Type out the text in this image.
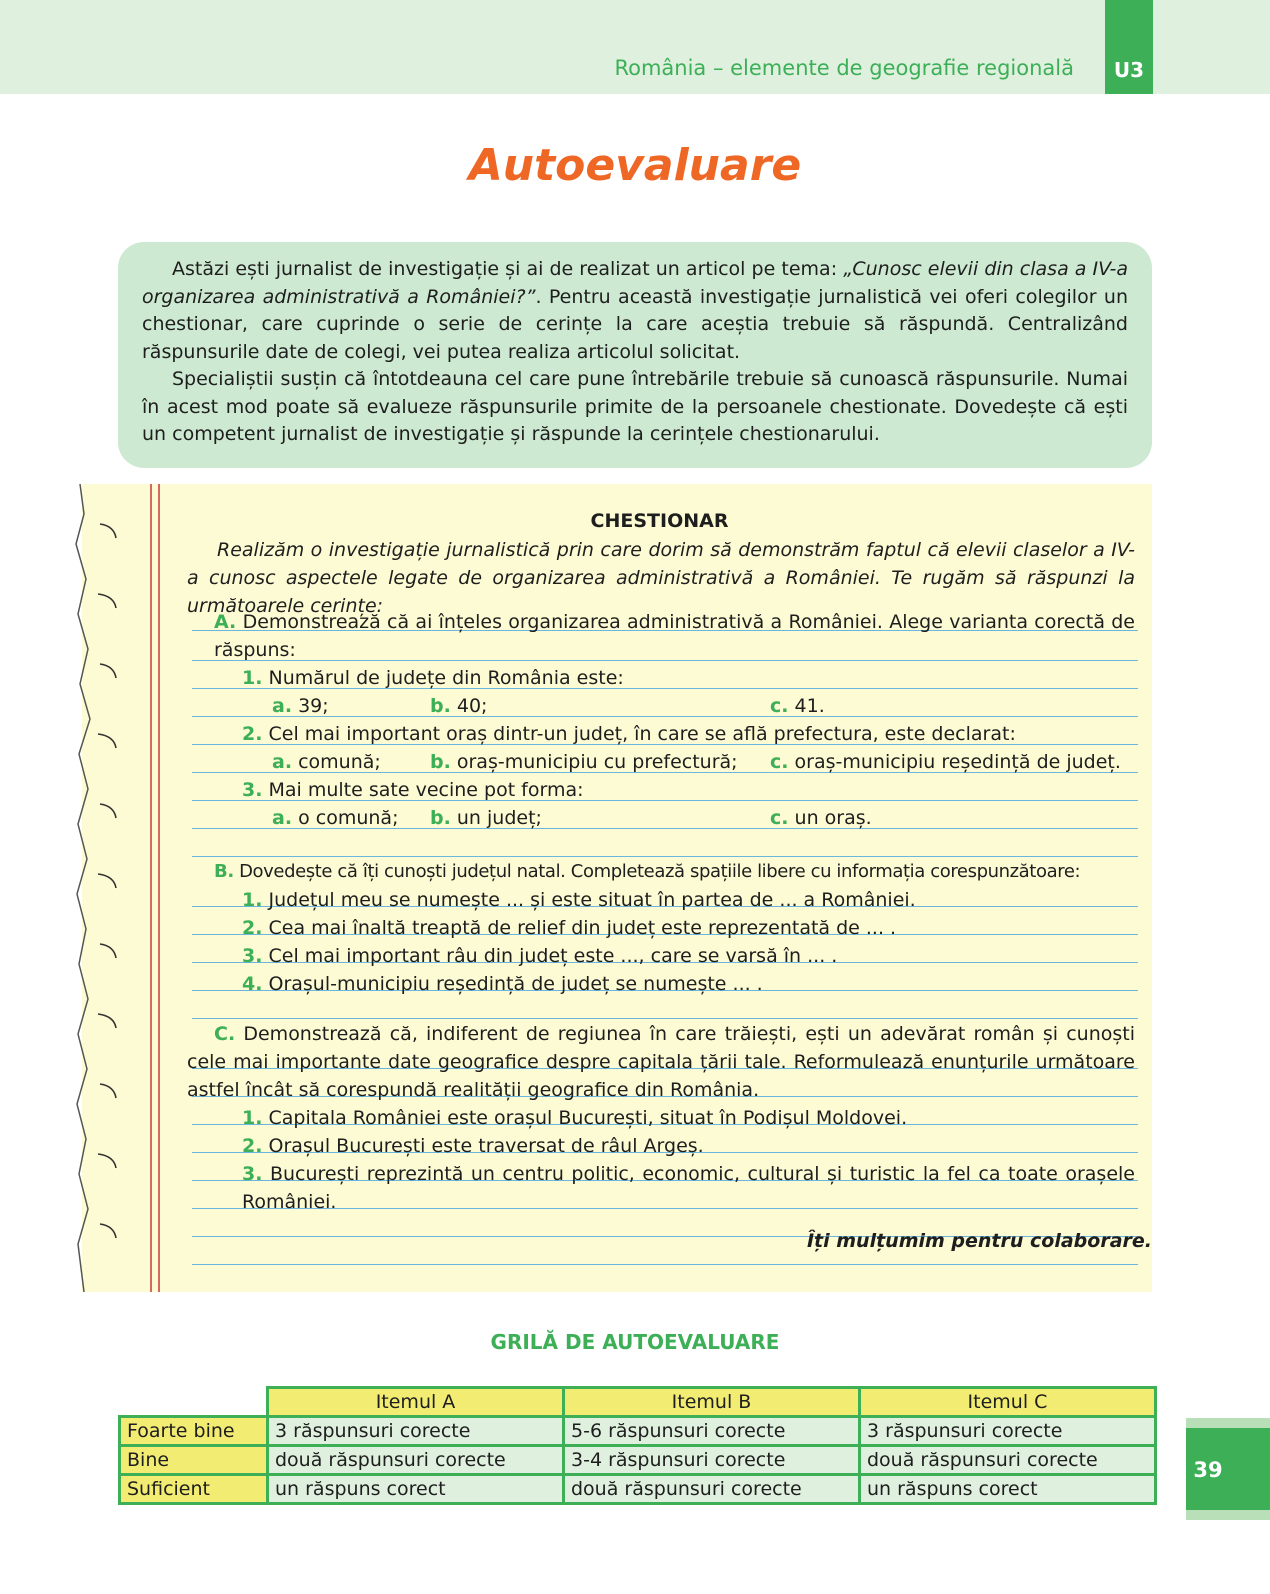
România – elemente de geografie regională	U3
Autoevaluare

Astăzi ești jurnalist de investigație și ai de realizat un articol pe tema: „Cunosc elevii din clasa a IV-a organizarea administrativă a României?”. Pentru această investigație jurnalistică vei oferi colegilor un chestionar, care cuprinde o serie de cerințe la care aceștia trebuie să răspundă. Centralizând răspunsurile date de colegi, vei putea realiza articolul solicitat.

Specialiștii susțin că întotdeauna cel care pune întrebările trebuie să cunoască răspunsurile. Numai în acest mod poate să evalueze răspunsurile primite de la persoanele chestionate. Dovedește că ești un competent jurnalist de investigație și răspunde la cerințele chestionarului.

CHESTIONAR
Realizăm o investigație jurnalistică prin care dorim să demonstrăm faptul că elevii claselor a IV-a cunosc aspectele legate de organizarea administrativă a României. Te rugăm să răspunzi la următoarele cerințe:
A. Demonstrează că ai înțeles organizarea administrativă a României. Alege varianta corectă de răspuns:
1. Numărul de județe din România este:
a. 39;	b. 40;	c. 41.
2. Cel mai important oraș dintr-un județ, în care se află prefectura, este declarat:
a. comună;	b. oraș-municipiu cu prefectură; c. oraș-municipiu reședință de județ.
3. Mai multe sate vecine pot forma:
a. o comună; b. un județ;	c. un oraș.
B. Dovedește că îți cunoști județul natal. Completează spațiile libere cu informația corespunzătoare:
1. Județul meu se numește ... și este situat în partea de ... a României.
2. Cea mai înaltă treaptă de relief din județ este reprezentată de ... .
3. Cel mai important râu din județ este ..., care se varsă în ... .
4. Orașul-municipiu reședință de județ se numește ... .
C. Demonstrează că, indiferent de regiunea în care trăiești, ești un adevărat român și cunoști cele mai importante date geografice despre capitala țării tale. Reformulează enunțurile următoare astfel încât să corespundă realității geografice din România.
1. Capitala României este orașul București, situat în Podișul Moldovei.
2. Orașul București este traversat de râul Argeș.
3. București reprezintă un centru politic, economic, cultural și turistic la fel ca toate orașele României.
Îți mulțumim pentru colaborare.
GRILĂ DE AUTOEVALUARE
	Itemul A	Itemul B	Itemul C
Foarte bine	3 răspunsuri corecte	5-6 răspunsuri corecte	3 răspunsuri corecte
Bine	două răspunsuri corecte	3-4 răspunsuri corecte	două răspunsuri corecte
Suficient	un răspuns corect	două răspunsuri corecte	un răspuns corect
39
